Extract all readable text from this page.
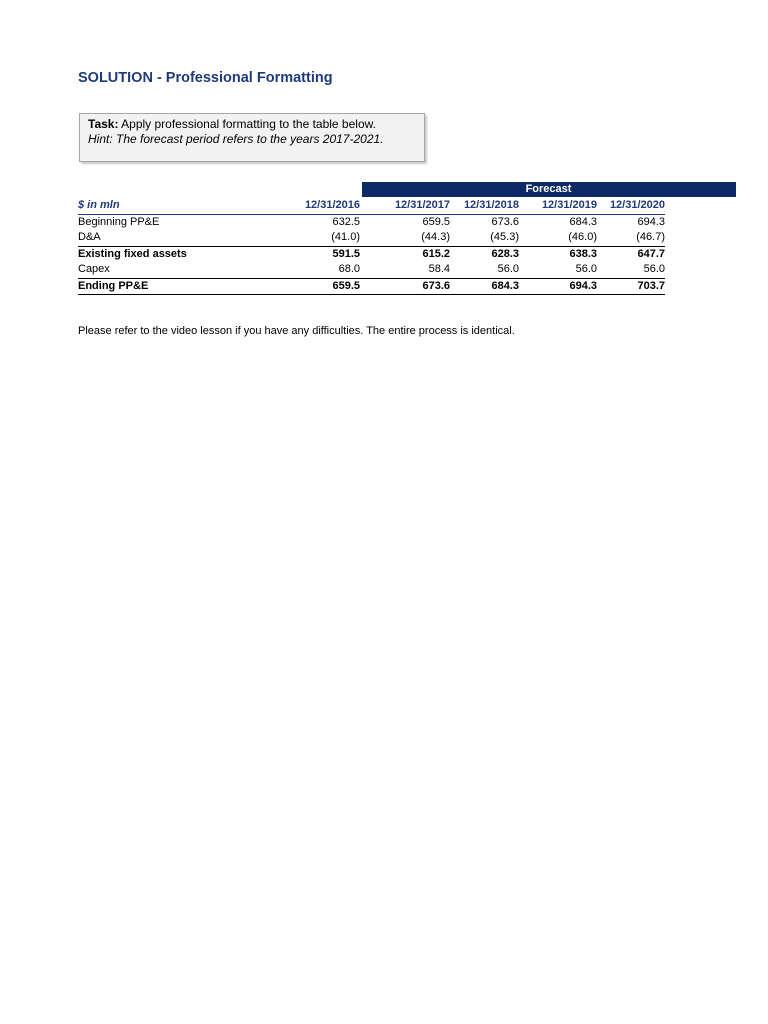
SOLUTION - Professional Formatting
Task: Apply professional formatting to the table below.
Hint: The forecast period refers to the years 2017-2021.
Forecast
$ in mln	12/31/2016	12/31/2017	12/31/2018	12/31/2019	12/31/2020
Beginning PP&E	632.5	659.5	673.6	684.3	694.3
D&A	(41.0)	(44.3)	(45.3)	(46.0)	(46.7)
Existing fixed assets	591.5	615.2	628.3	638.3	647.7
Capex	68.0	58.4	56.0	56.0	56.0
Ending PP&E	659.5	673.6	684.3	694.3	703.7
Please refer to the video lesson if you have any difficulties. The entire process is identical.
